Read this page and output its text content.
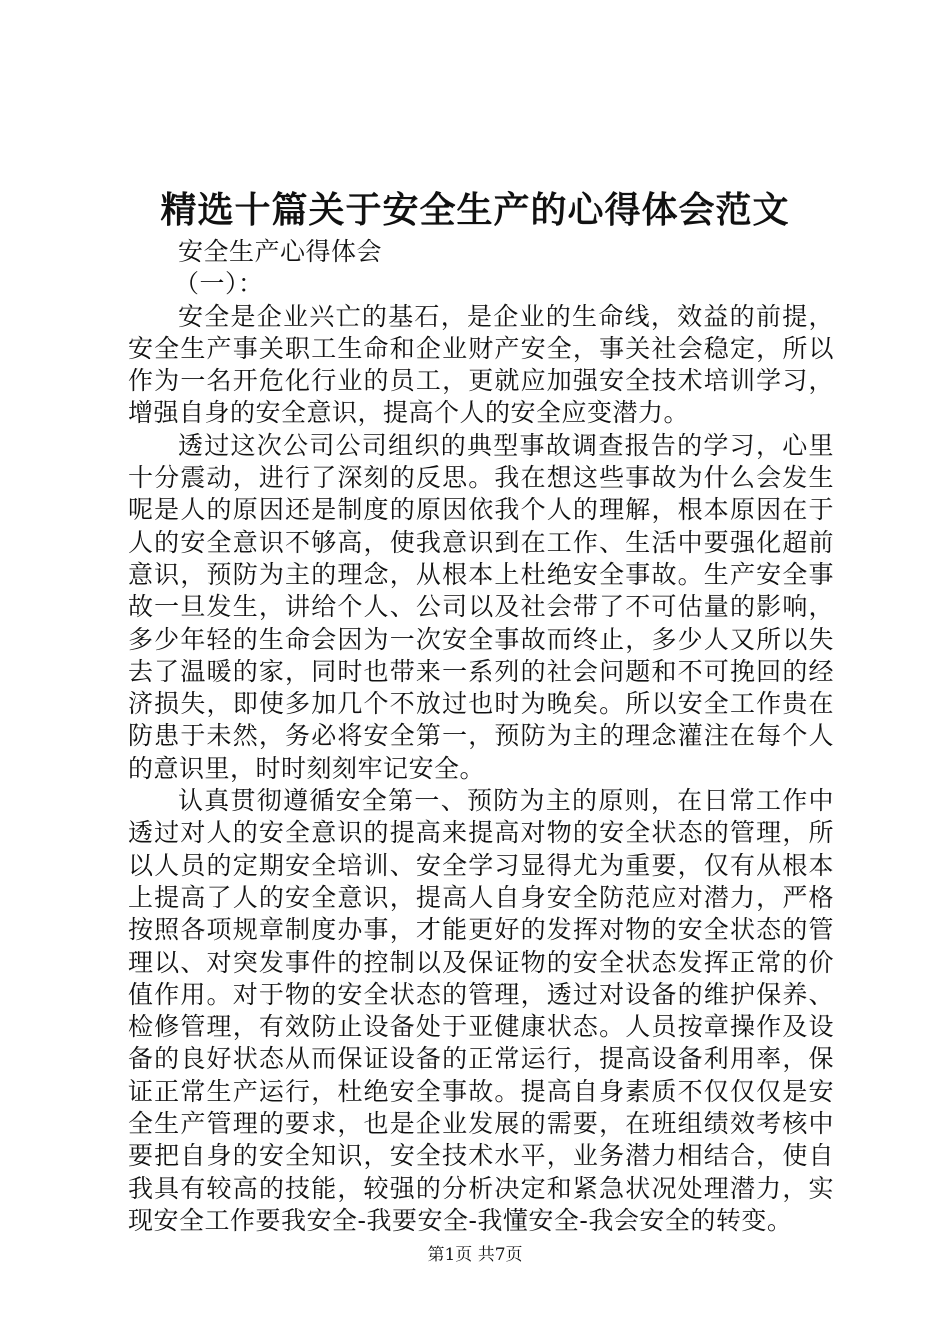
精选十篇关于安全生产的心得体会范文

安全生产心得体会

（一）：

安全是企业兴亡的基石，是企业的生命线，效益的前提，安全生产事关职工生命和企业财产安全，事关社会稳定，所以作为一名开危化行业的员工，更就应加强安全技术培训学习，增强自身的安全意识，提高个人的安全应变潜力。

透过这次公司公司组织的典型事故调查报告的学习，心里十分震动，进行了深刻的反思。我在想这些事故为什么会发生呢是人的原因还是制度的原因依我个人的理解，根本原因在于人的安全意识不够高，使我意识到在工作、生活中要强化超前意识，预防为主的理念，从根本上杜绝安全事故。生产安全事故一旦发生，讲给个人、公司以及社会带了不可估量的影响，多少年轻的生命会因为一次安全事故而终止，多少人又所以失去了温暖的家，同时也带来一系列的社会问题和不可挽回的经济损失，即使多加几个不放过也时为晚矣。所以安全工作贵在防患于未然，务必将安全第一，预防为主的理念灌注在每个人的意识里，时时刻刻牢记安全。

认真贯彻遵循安全第一、预防为主的原则，在日常工作中透过对人的安全意识的提高来提高对物的安全状态的管理，所以人员的定期安全培训、安全学习显得尤为重要，仅有从根本上提高了人的安全意识，提高人自身安全防范应对潜力，严格按照各项规章制度办事，才能更好的发挥对物的安全状态的管理以、对突发事件的控制以及保证物的安全状态发挥正常的价值作用。对于物的安全状态的管理，透过对设备的维护保养、检修管理，有效防止设备处于亚健康状态。人员按章操作及设备的良好状态从而保证设备的正常运行，提高设备利用率，保证正常生产运行，杜绝安全事故。提高自身素质不仅仅仅是安全生产管理的要求，也是企业发展的需要，在班组绩效考核中要把自身的安全知识，安全技术水平，业务潜力相结合，使自我具有较高的技能，较强的分析决定和紧急状况处理潜力，实现安全工作要我安全-我要安全-我懂安全-我会安全的转变。

第1页 共7页
